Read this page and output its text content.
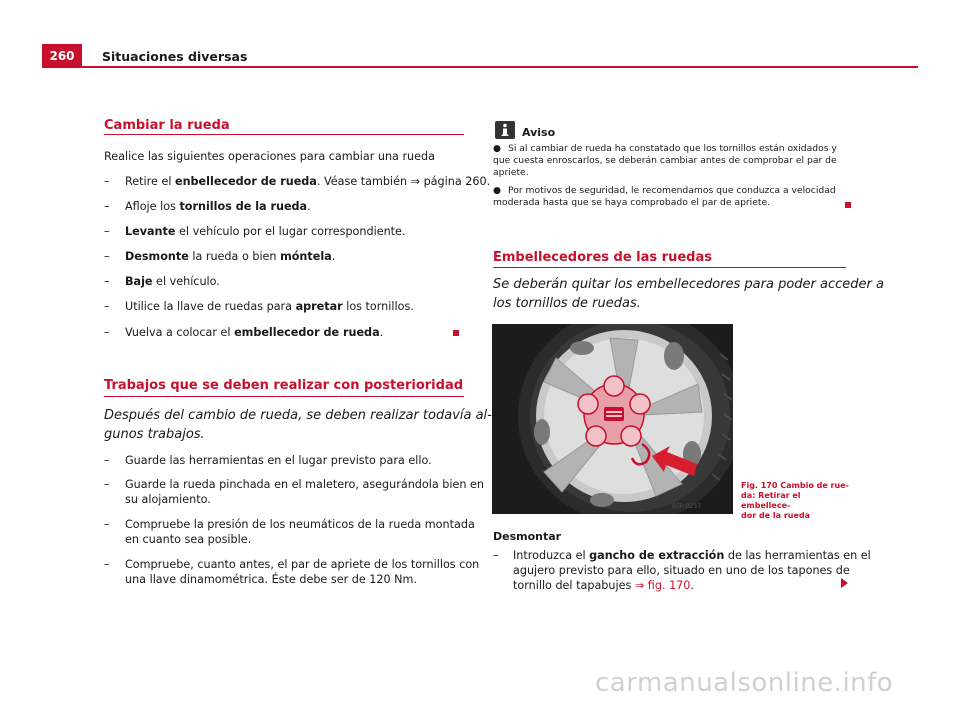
260	Situaciones diversas
Cambiar la rueda
Realice las siguientes operaciones para cambiar una rueda
– Retire el enbellecedor de rueda. Véase también ⇒ página 260.
– Afloje los tornillos de la rueda.
– Levante el vehículo por el lugar correspondiente.
– Desmonte la rueda o bien móntela.
– Baje el vehículo.
– Utilice la llave de ruedas para apretar los tornillos.
– Vuelva a colocar el embellecedor de rueda.
Trabajos que se deben realizar con posterioridad
Después del cambio de rueda, se deben realizar todavía al-
gunos trabajos.
– Guarde las herramientas en el lugar previsto para ello.
– Guarde la rueda pinchada en el maletero, asegurándola bien en
su alojamiento.
– Compruebe la presión de los neumáticos de la rueda montada
en cuanto sea posible.
– Compruebe, cuanto antes, el par de apriete de los tornillos con
una llave dinamométrica. Éste debe ser de 120 Nm.
Aviso
● Si al cambiar de rueda ha constatado que los tornillos están oxidados y
que cuesta enroscarlos, se deberán cambiar antes de comprobar el par de
apriete.
● Por motivos de seguridad, le recomendamos que conduzca a velocidad
moderada hasta que se haya comprobado el par de apriete.
Embellecedores de las ruedas
Se deberán quitar los embellecedores para poder acceder a
los tornillos de ruedas.
B5P-0237
Fig. 170 Cambio de rue-
da: Retirar el embellece-
dor de la rueda
Desmontar
– Introduzca el gancho de extracción de las herramientas en el
agujero previsto para ello, situado en uno de los tapones de
tornillo del tapabujes ⇒ fig. 170.
carmanualsonline.info
